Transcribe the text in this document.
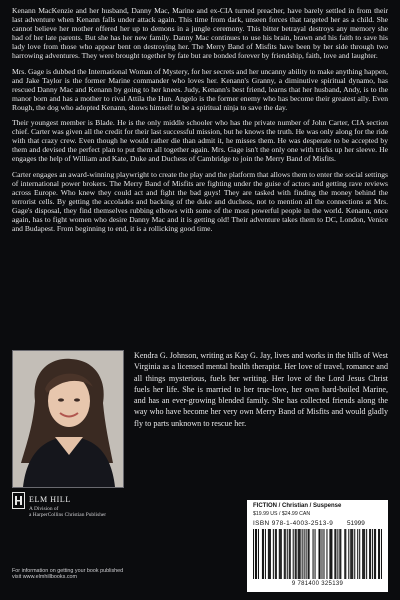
Kenann MacKenzie and her husband, Danny Mac, Marine and ex-CIA turned preacher, have barely settled in from their last adventure when Kenann falls under attack again. This time from dark, unseen forces that targeted her as a child. She cannot believe her mother offered her up to demons in a jungle ceremony. This bitter betrayal destroys any memory she had of her late parents. But she has her new family. Danny Mac continues to use his brain, brawn and his faith to save his lady love from those who appear bent on destroying her. The Merry Band of Misfits have been by her side through two harrowing adventures. They were brought together by fate but are bonded forever by friendship, faith, love and laughter.

Mrs. Gage is dubbed the International Woman of Mystery, for her secrets and her uncanny ability to make anything happen, and Jake Taylor is the former Marine commander who loves her. Kenann's Granny, a diminutive spiritual dynamo, has rescued Danny Mac and Kenann by going to her knees. Judy, Kenann's best friend, learns that her husband, Andy, is to the manor born and has a mother to rival Attila the Hun. Angelo is the former enemy who has become their greatest ally. Even Rough, the dog who adopted Kenann, shows himself to be a spiritual ninja to save the day.

Their youngest member is Blade. He is the only middle schooler who has the private number of John Carter, CIA section chief. Carter was given all the credit for their last successful mission, but he knows the truth. He was only along for the ride with that crazy crew. Even though he would rather die than admit it, he misses them. He was desperate to be accepted by them and devised the perfect plan to put them all together again. Mrs. Gage isn't the only one with tricks up her sleeve. He engages the help of William and Kate, Duke and Duchess of Cambridge to join the Merry Band of Misfits.

Carter engages an award-winning playwright to create the play and the platform that allows them to enter the social settings of international power brokers. The Merry Band of Misfits are fighting under the guise of actors and getting rave reviews across Europe. Who knew they could act and fight the bad guys! They are tasked with finding the money behind the terrorist cells. By getting the accolades and backing of the duke and duchess, not to mention all the connections at Mrs. Gage's disposal, they find themselves rubbing elbows with some of the most powerful people in the world. Kenann, once again, has to fight women who desire Danny Mac and it is getting old! Their adventure takes them to DC, London, Venice and Budapest. From beginning to end, it is a rollicking good time.

Kendra G. Johnson, writing as Kay G. Jay, lives and works in the hills of West Virginia as a licensed mental health therapist. Her love of travel, romance and all things mysterious, fuels her writing. Her love of the Lord Jesus Christ fuels her life. She is married to her true-love, her own hard-boiled Marine, and has an ever-growing blended family. She has collected friends along the way who have become her very own Merry Band of Misfits and would gladly fly to parts unknown to rescue her.

ELM HILL
A Division of
a HarperCollins Christian Publisher
For information on getting your book published
visit www.elmhillbooks.com
FICTION / Christian / Suspense
$19.99 US / $24.99 CAN
ISBN 978-1-4003-2513-9 51999
9 781400 325139
